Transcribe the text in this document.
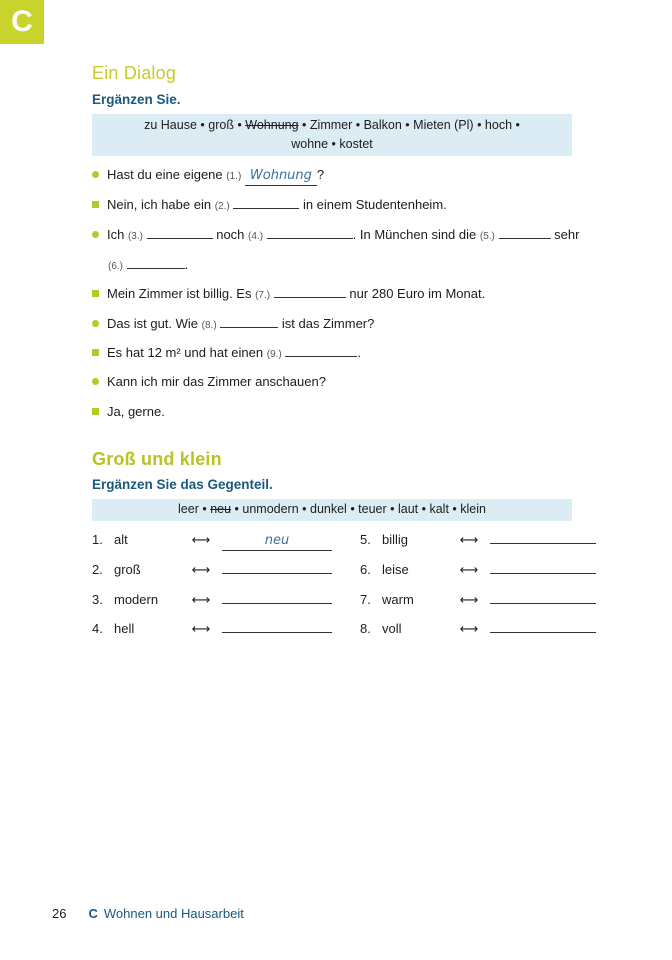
C
Ein Dialog
Ergänzen Sie.
zu Hause • groß • Wohnung • Zimmer • Balkon • Mieten (Pl) • hoch •
wohne • kostet
Hast du eine eigene (1.) Wohnung ?
Nein, ich habe ein (2.)	in einem Studentenheim.
Ich (3.)	noch (4.)	. In München sind die (5.)	sehr
(6.)	.
Mein Zimmer ist billig. Es (7.)	nur 280 Euro im Monat.
Das ist gut. Wie (8.)	ist das Zimmer?
Es hat 12 m² und hat einen (9.)	.
Kann ich mir das Zimmer anschauen?
Ja, gerne.
Groß und klein
Ergänzen Sie das Gegenteil.
leer • neu • unmodern • dunkel • teuer • laut • kalt • klein
1. alt	⟷	neu
2. groß	⟷
3. modern	⟷
4. hell	⟷
5. billig	⟷
6. leise	⟷
7. warm	⟷
8. voll	⟷
26 C Wohnen und Hausarbeit
